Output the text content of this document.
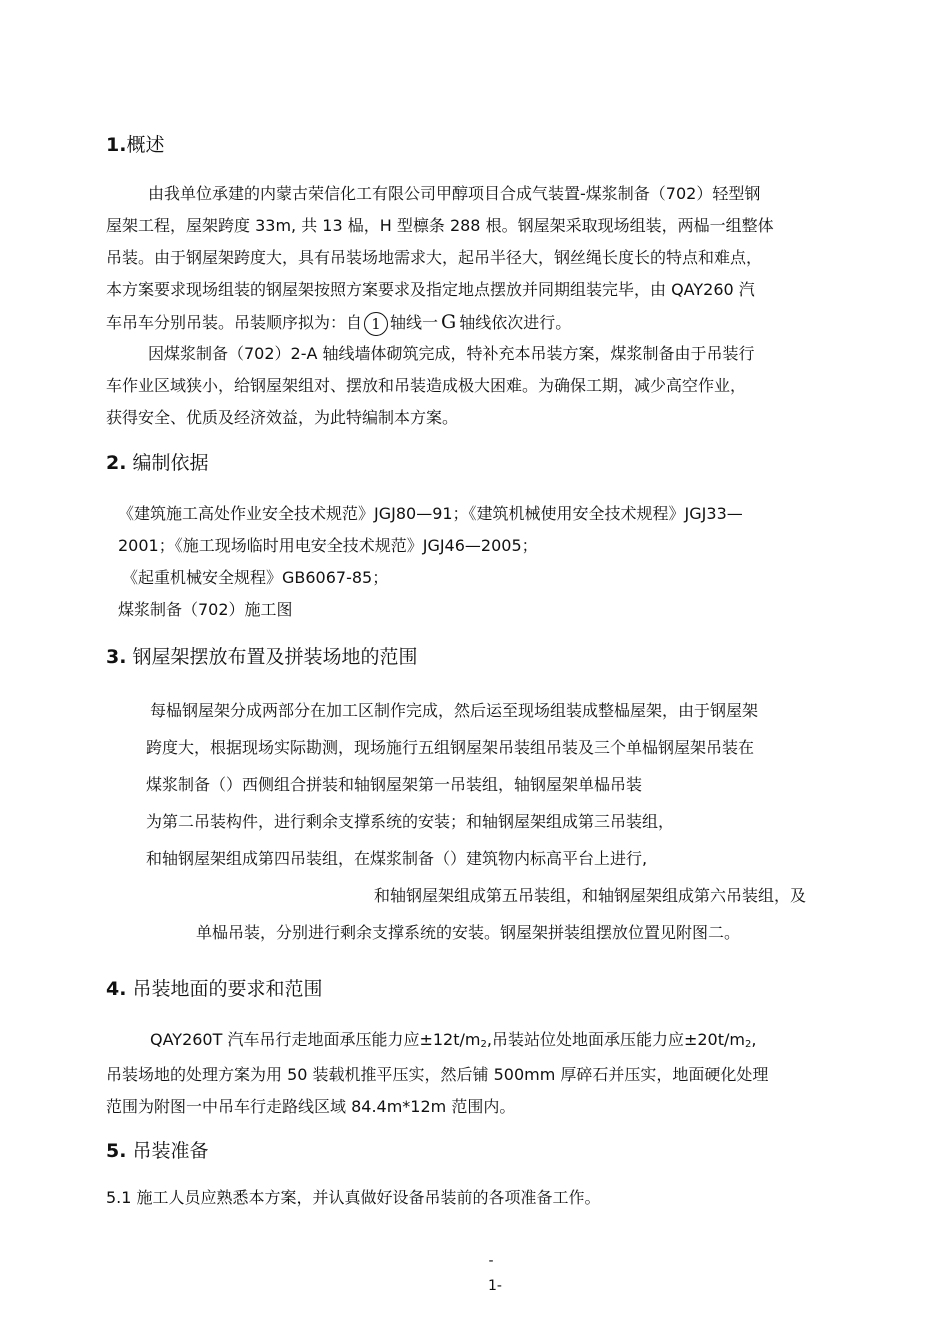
1.概述
由我单位承建的内蒙古荣信化工有限公司甲醇项目合成气装置-煤浆制备（702）轻型钢
屋架工程，屋架跨度 33m, 共 13 榀，H 型檩条 288 根。钢屋架采取现场组装，两榀一组整体
吊装。由于钢屋架跨度大，具有吊装场地需求大，起吊半径大，钢丝绳长度长的特点和难点，
本方案要求现场组装的钢屋架按照方案要求及指定地点摆放并同期组装完毕，由 QAY260 汽
车吊车分别吊装。吊装顺序拟为：自 1 轴线一 G 轴线依次进行。
因煤浆制备（702）2-A 轴线墙体砌筑完成，特补充本吊装方案，煤浆制备由于吊装行
车作业区域狭小，给钢屋架组对、摆放和吊装造成极大困难。为确保工期，减少高空作业，
获得安全、优质及经济效益，为此特编制本方案。
2. 编制依据
《建筑施工高处作业安全技术规范》JGJ80—91；《建筑机械使用安全技术规程》JGJ33—
2001；《施工现场临时用电安全技术规范》JGJ46—2005；
《起重机械安全规程》GB6067-85；
煤浆制备（702）施工图
3. 钢屋架摆放布置及拼装场地的范围
每榀钢屋架分成两部分在加工区制作完成，然后运至现场组装成整榀屋架，由于钢屋架
跨度大，根据现场实际勘测，现场施行五组钢屋架吊装组吊装及三个单榀钢屋架吊装在
煤浆制备（）西侧组合拼装和轴钢屋架第一吊装组，轴钢屋架单榀吊装
为第二吊装构件，进行剩余支撑系统的安装；和轴钢屋架组成第三吊装组，
和轴钢屋架组成第四吊装组，在煤浆制备（）建筑物内标高平台上进行,
和轴钢屋架组成第五吊装组，和轴钢屋架组成第六吊装组，及
单榀吊装，分别进行剩余支撑系统的安装。钢屋架拼装组摆放位置见附图二。
4. 吊装地面的要求和范围
QAY260T 汽车吊行走地面承压能力应$\pm 12t/m_2$,吊装站位处地面承压能力应$\pm 20t/m_2$,
吊装场地的处理方案为用 50 装载机推平压实，然后铺 500mm 厚碎石并压实，地面硬化处理
范围为附图一中吊车行走路线区域 84.4m*12m 范围内。
5. 吊装准备
5.1 施工人员应熟悉本方案，并认真做好设备吊装前的各项准备工作。
-
1-
